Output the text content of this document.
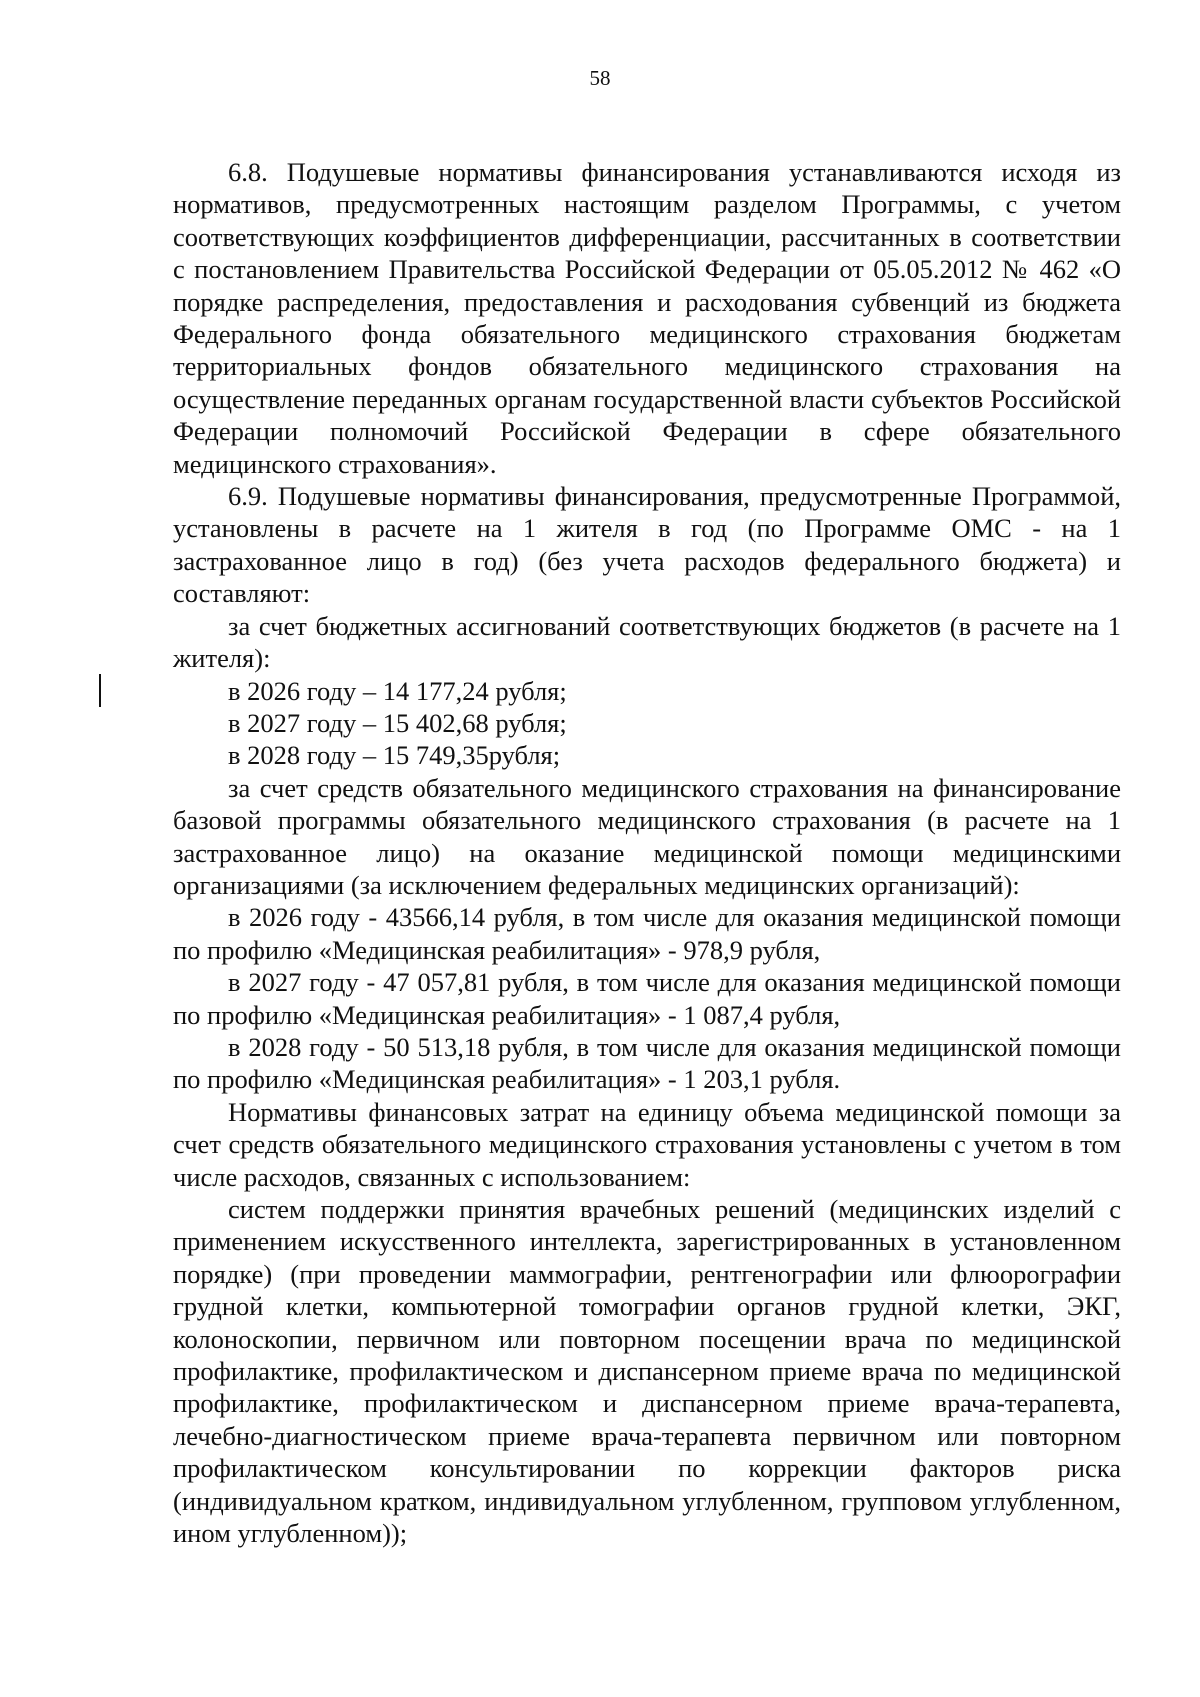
58

6.8. Подушевые нормативы финансирования устанавливаются исходя из нормативов, предусмотренных настоящим разделом Программы, с учетом соответствующих коэффициентов дифференциации, рассчитанных в соответствии с постановлением Правительства Российской Федерации от 05.05.2012 № 462 «О порядке распределения, предоставления и расходования субвенций из бюджета Федерального фонда обязательного медицинского страхования бюджетам территориальных фондов обязательного медицинского страхования на осуществление переданных органам государственной власти субъектов Российской Федерации полномочий Российской Федерации в сфере обязательного медицинского страхования».

6.9. Подушевые нормативы финансирования, предусмотренные Программой, установлены в расчете на 1 жителя в год (по Программе ОМС - на 1 застрахованное лицо в год) (без учета расходов федерального бюджета) и составляют:

за счет бюджетных ассигнований соответствующих бюджетов (в расчете на 1 жителя):

в 2026 году – 14 177,24 рубля;

в 2027 году – 15 402,68 рубля;

в 2028 году – 15 749,35рубля;

за счет средств обязательного медицинского страхования на финансирование базовой программы обязательного медицинского страхования (в расчете на 1 застрахованное лицо) на оказание медицинской помощи медицинскими организациями (за исключением федеральных медицинских организаций):

в 2026 году - 43566,14 рубля, в том числе для оказания медицинской помощи по профилю «Медицинская реабилитация» - 978,9 рубля,

в 2027 году - 47 057,81 рубля, в том числе для оказания медицинской помощи по профилю «Медицинская реабилитация» - 1 087,4 рубля,

в 2028 году - 50 513,18 рубля, в том числе для оказания медицинской помощи по профилю «Медицинская реабилитация» - 1 203,1 рубля.

Нормативы финансовых затрат на единицу объема медицинской помощи за счет средств обязательного медицинского страхования установлены с учетом в том числе расходов, связанных с использованием:

систем поддержки принятия врачебных решений (медицинских изделий с применением искусственного интеллекта, зарегистрированных в установленном порядке) (при проведении маммографии, рентгенографии или флюорографии грудной клетки, компьютерной томографии органов грудной клетки, ЭКГ, колоноскопии, первичном или повторном посещении врача по медицинской профилактике, профилактическом и диспансерном приеме врача по медицинской профилактике, профилактическом и диспансерном приеме врача-терапевта, лечебно-диагностическом приеме врача-терапевта первичном или повторном профилактическом консультировании по коррекции факторов риска (индивидуальном кратком, индивидуальном углубленном, групповом углубленном, ином углубленном));
